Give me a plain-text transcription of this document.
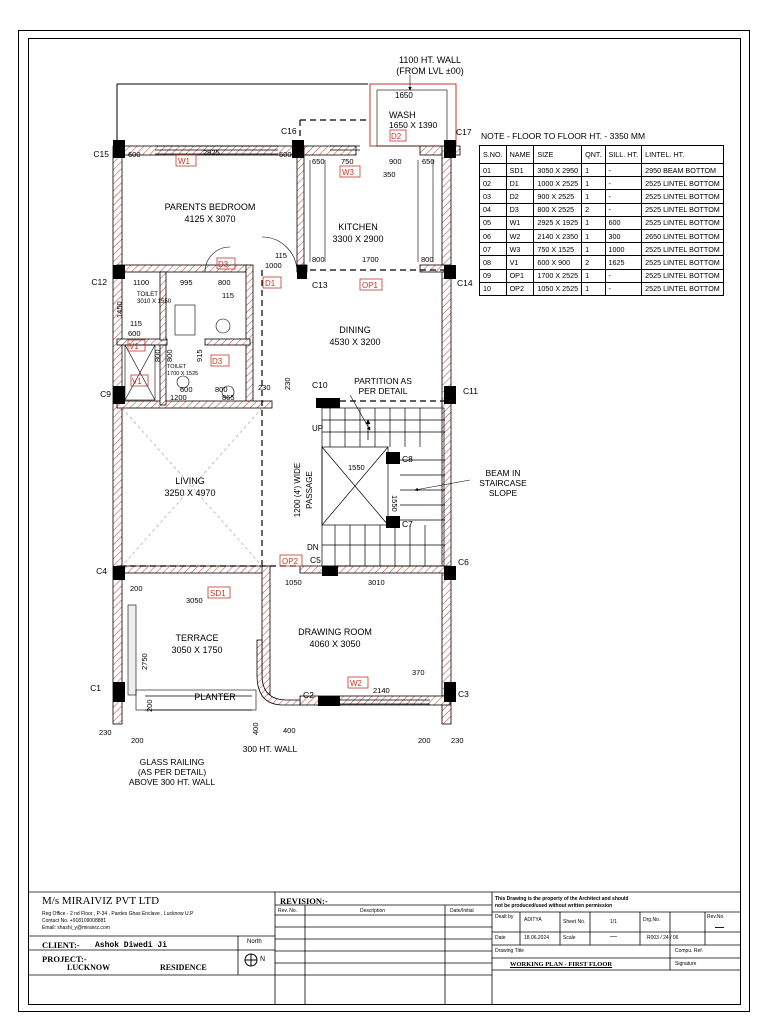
1100 HT. WALL
(FROM LVL ±00)
1650
WASH
1650 X 1390
PARENTS BEDROOM
4125 X 3070
KITCHEN
3300 X 2900
TOILET
3010 X 1550
TOILET
1700 X 1525
DINING
4530 X 3200
LIVING
3250 X 4970	PASSAGE
1200 (4') WIDE
TERRACE
3050 X 1750
DRAWING ROOM
4060 X 3050
PLANTER
PARTITION AS
PER DETAIL
BEAM IN
STAIRCASE
SLOPE
GLASS RAILING
(AS PER DETAIL)
ABOVE 300 HT. WALL
300 HT. WALL
UP
DN
C1
C2	C3
C4
C5	C6
C7
C8
C9
C10
C11
C12	C13	C14
C15
C16	C17
W1
W3
D2
D3
D1	OP1
V1
V1
D3
OP2
SD1
W2
600	2925	600
650 750	900	650
350
115
1000
800	1700	800
1100	995	800
115
1450
115
600
800	915
1200	865
230 230
200
3050
2750
1050	3010
1550
1550
200
400
370
2140
400
230
200	200	230
800
600	800
NOTE - FLOOR TO FLOOR HT. - 3350 MM
S.NO.	NAME	SIZE	QNT.	SILL. HT.	LINTEL. HT.
01	SD1	3050 X 2950	1	-	2950 BEAM BOTTOM
02	D1	1000 X 2525	1	-	2525 LINTEL BOTTOM
03	D2	900 X 2525	1	-	2525 LINTEL BOTTOM
04	D3	800 X 2525	2	-	2525 LINTEL BOTTOM
05	W1	2925 X 1925	1	600	2525 LINTEL BOTTOM
06	W2	2140 X 2350	1	300	2650 LINTEL BOTTOM
07	W3	750 X 1525	1	1000	2525 LINTEL BOTTOM
08	V1	600 X 900	2	1625	2525 LINTEL BOTTOM
09	OP1	1700 X 2525	1	-	2525 LINTEL BOTTOM
10	OP2	1050 X 2525	1	-	2525 LINTEL BOTTOM
M/s MIRAIVIZ PVT LTD
Reg Office - 2 nd Floor , P-34 , Pardes Ghas Enclave , Lucknow U.P
Contact No. +918109008881
Email: shashi_y@miraiviz.com
CLIENT:- Ashok Diwedi Ji	North
N
PROJECT:-
LUCKNOW	RESIDENCE
REVISION:-
Rev. No.	Description	Date/Initial
This Drawing is the property of the Architect and should
not be produced/used without written permission
Dealt by ADITYA	Sheet No.	1/1	Drg.No.	Rev.No.
Date	18.06.2024	Scale	—	R003 / 24 / 06
—
Drawing Title	Compu. Ref.
WORKING PLAN - FIRST FLOOR	Signature
